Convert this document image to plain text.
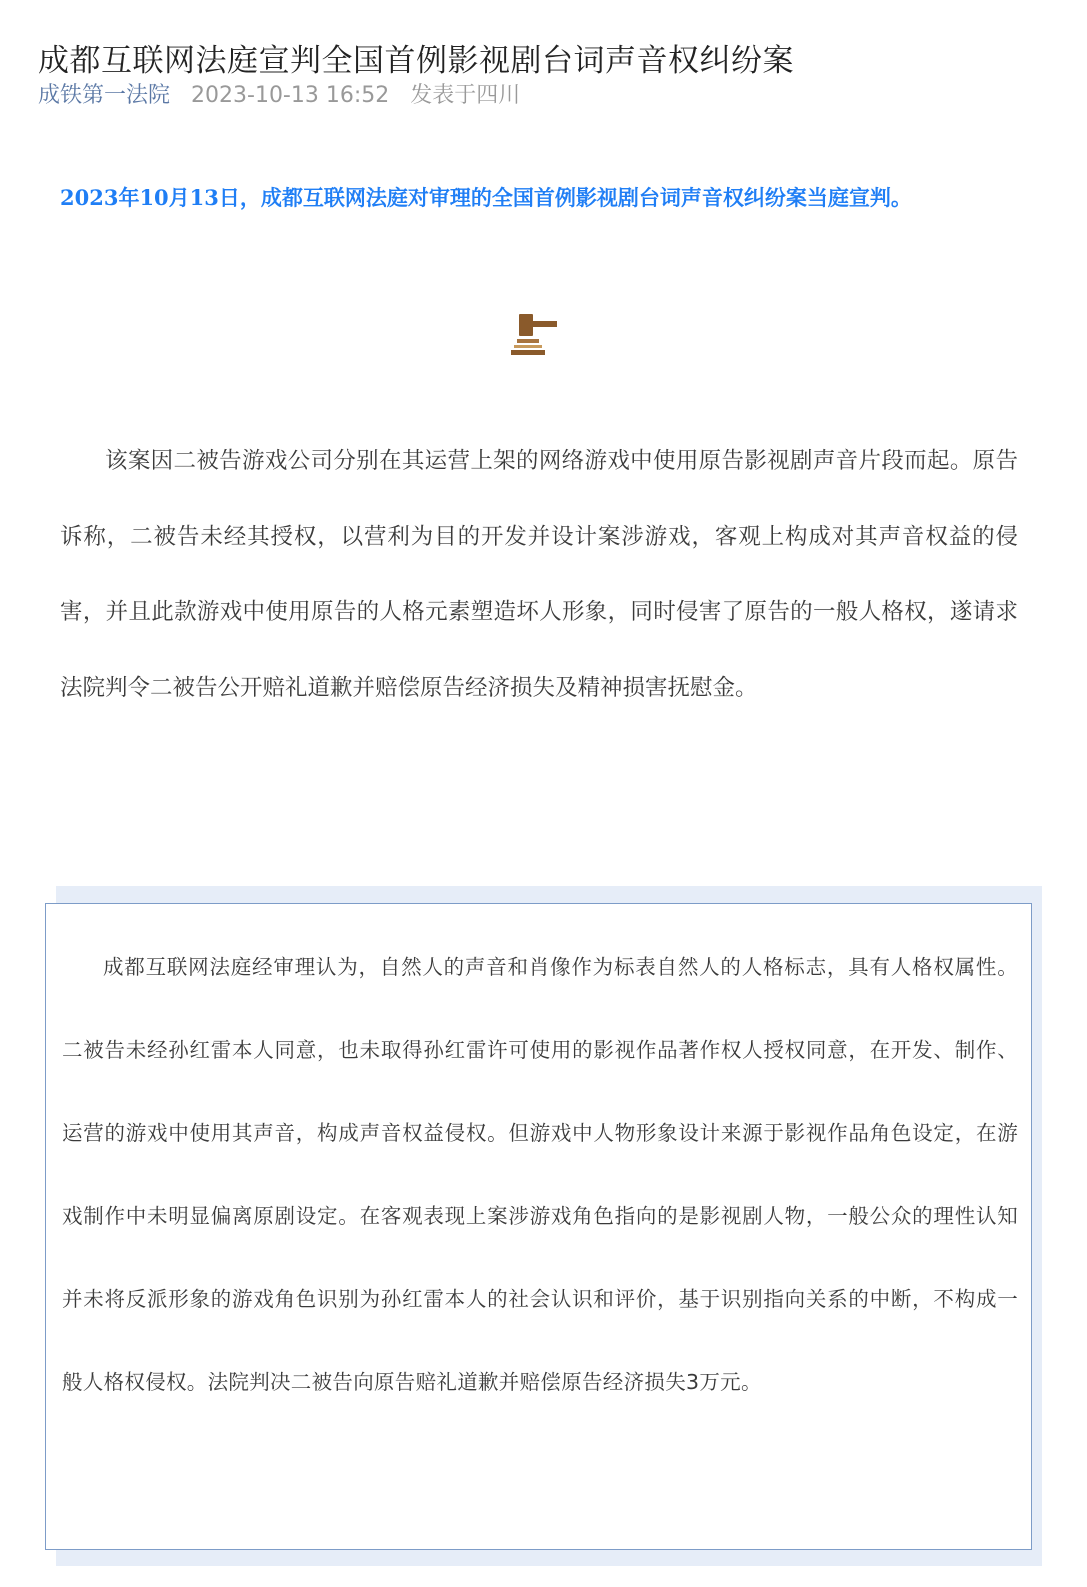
成都互联网法庭宣判全国首例影视剧台词声音权纠纷案
成铁第一法院 2023-10-13 16:52 发表于四川
2023年10月13日，成都互联网法庭对审理的全国首例影视剧台词声音权纠纷案当庭宣判。

该案因二被告游戏公司分别在其运营上架的网络游戏中使用原告影视剧声音片段而起。原告诉称，二被告未经其授权，以营利为目的开发并设计案涉游戏，客观上构成对其声音权益的侵害，并且此款游戏中使用原告的人格元素塑造坏人形象，同时侵害了原告的一般人格权，遂请求法院判令二被告公开赔礼道歉并赔偿原告经济损失及精神损害抚慰金。

成都互联网法庭经审理认为，自然人的声音和肖像作为标表自然人的人格标志，具有人格权属性。二被告未经孙红雷本人同意，也未取得孙红雷许可使用的影视作品著作权人授权同意，在开发、制作、运营的游戏中使用其声音，构成声音权益侵权。但游戏中人物形象设计来源于影视作品角色设定，在游戏制作中未明显偏离原剧设定。在客观表现上案涉游戏角色指向的是影视剧人物，一般公众的理性认知并未将反派形象的游戏角色识别为孙红雷本人的社会认识和评价，基于识别指向关系的中断，不构成一般人格权侵权。法院判决二被告向原告赔礼道歉并赔偿原告经济损失3万元。
